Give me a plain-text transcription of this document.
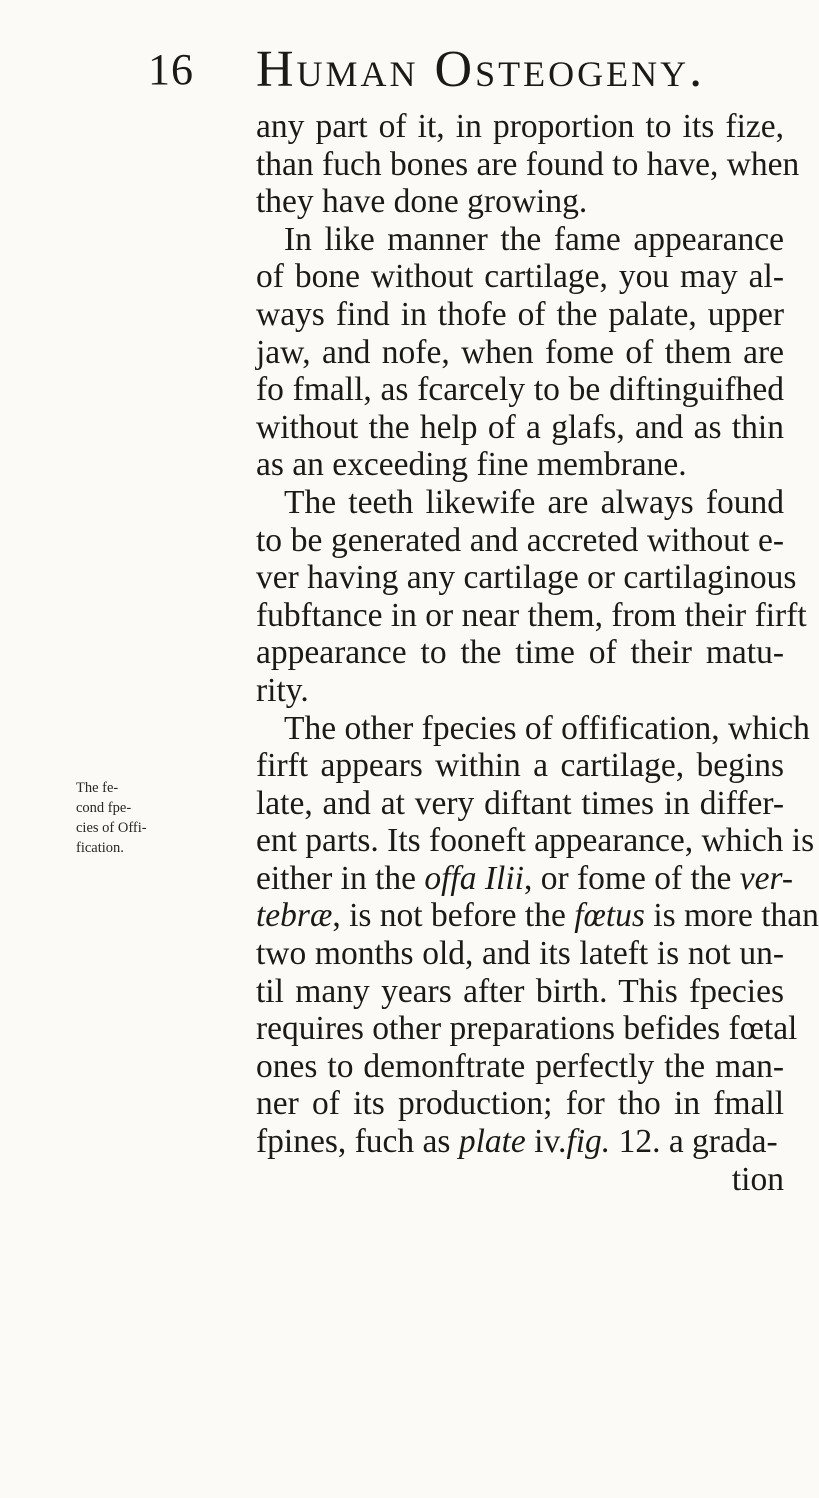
16 Human Osteogeny.
The fe-
cond fpe-
cies of Offi-
fication.
any part of it, in proportion to its fize,
than fuch bones are found to have, when
they have done growing.
In like manner the fame appearance
of bone without cartilage, you may al-
ways find in thofe of the palate, upper
jaw, and nofe, when fome of them are
fo fmall, as fcarcely to be diftinguifhed
without the help of a glafs, and as thin
as an exceeding fine membrane.
The teeth likewife are always found
to be generated and accreted without e-
ver having any cartilage or cartilaginous
fubftance in or near them, from their firft
appearance to the time of their matu-
rity.
The other fpecies of offification, which
firft appears within a cartilage, begins
late, and at very diftant times in differ-
ent parts. Its fooneft appearance, which is
either in the offa Ilii, or fome of the ver-
tebræ, is not before the fœtus is more than
two months old, and its lateft is not un-
til many years after birth. This fpecies
requires other preparations befides fœtal
ones to demonftrate perfectly the man-
ner of its production; for tho in fmall
fpines, fuch as plate iv.fig. 12. a grada-
tion
